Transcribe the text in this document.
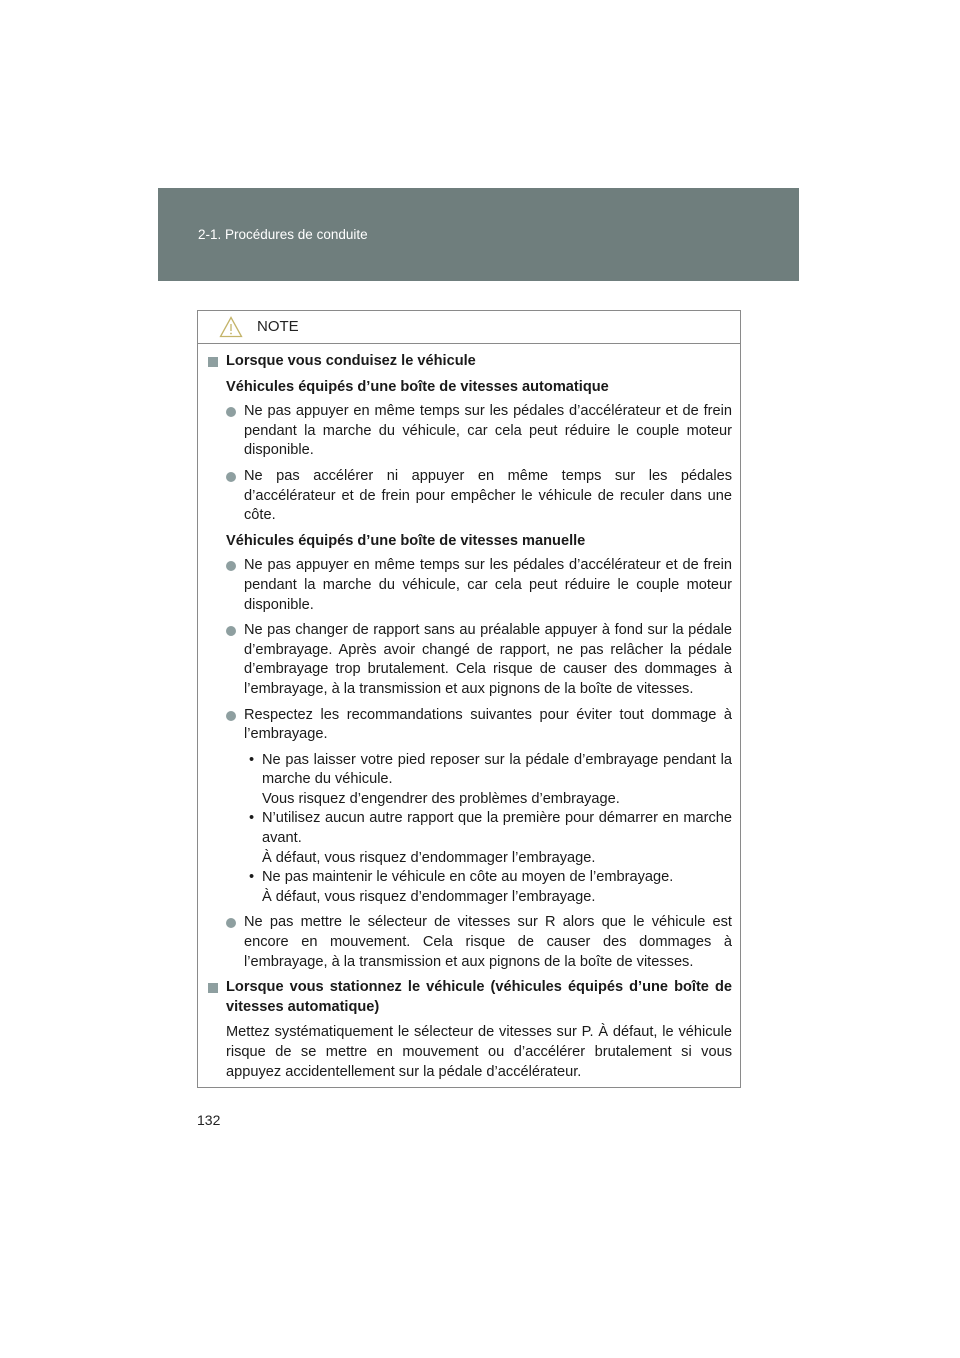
2-1. Procédures de conduite
NOTE
Lorsque vous conduisez le véhicule
Véhicules équipés d’une boîte de vitesses automatique
Ne pas appuyer en même temps sur les pédales d’accélérateur et de frein pendant la marche du véhicule, car cela peut réduire le couple moteur disponible.
Ne pas accélérer ni appuyer en même temps sur les pédales d’accélérateur et de frein pour empêcher le véhicule de reculer dans une côte.
Véhicules équipés d’une boîte de vitesses manuelle
Ne pas appuyer en même temps sur les pédales d’accélérateur et de frein pendant la marche du véhicule, car cela peut réduire le couple moteur disponible.
Ne pas changer de rapport sans au préalable appuyer à fond sur la pédale d’embrayage. Après avoir changé de rapport, ne pas relâcher la pédale d’embrayage trop brutalement. Cela risque de causer des dommages à l’embrayage, à la transmission et aux pignons de la boîte de vitesses.
Respectez les recommandations suivantes pour éviter tout dommage à l’embrayage.
• Ne pas laisser votre pied reposer sur la pédale d’embrayage pendant la marche du véhicule.
Vous risquez d’engendrer des problèmes d’embrayage.
• N’utilisez aucun autre rapport que la première pour démarrer en marche avant.
À défaut, vous risquez d’endommager l’embrayage.
• Ne pas maintenir le véhicule en côte au moyen de l’embrayage.
À défaut, vous risquez d’endommager l’embrayage.
Ne pas mettre le sélecteur de vitesses sur R alors que le véhicule est encore en mouvement. Cela risque de causer des dommages à l’embrayage, à la transmission et aux pignons de la boîte de vitesses.
Lorsque vous stationnez le véhicule (véhicules équipés d’une boîte de vitesses automatique)
Mettez systématiquement le sélecteur de vitesses sur P. À défaut, le véhicule risque de se mettre en mouvement ou d’accélérer brutalement si vous appuyez accidentellement sur la pédale d’accélérateur.
132
